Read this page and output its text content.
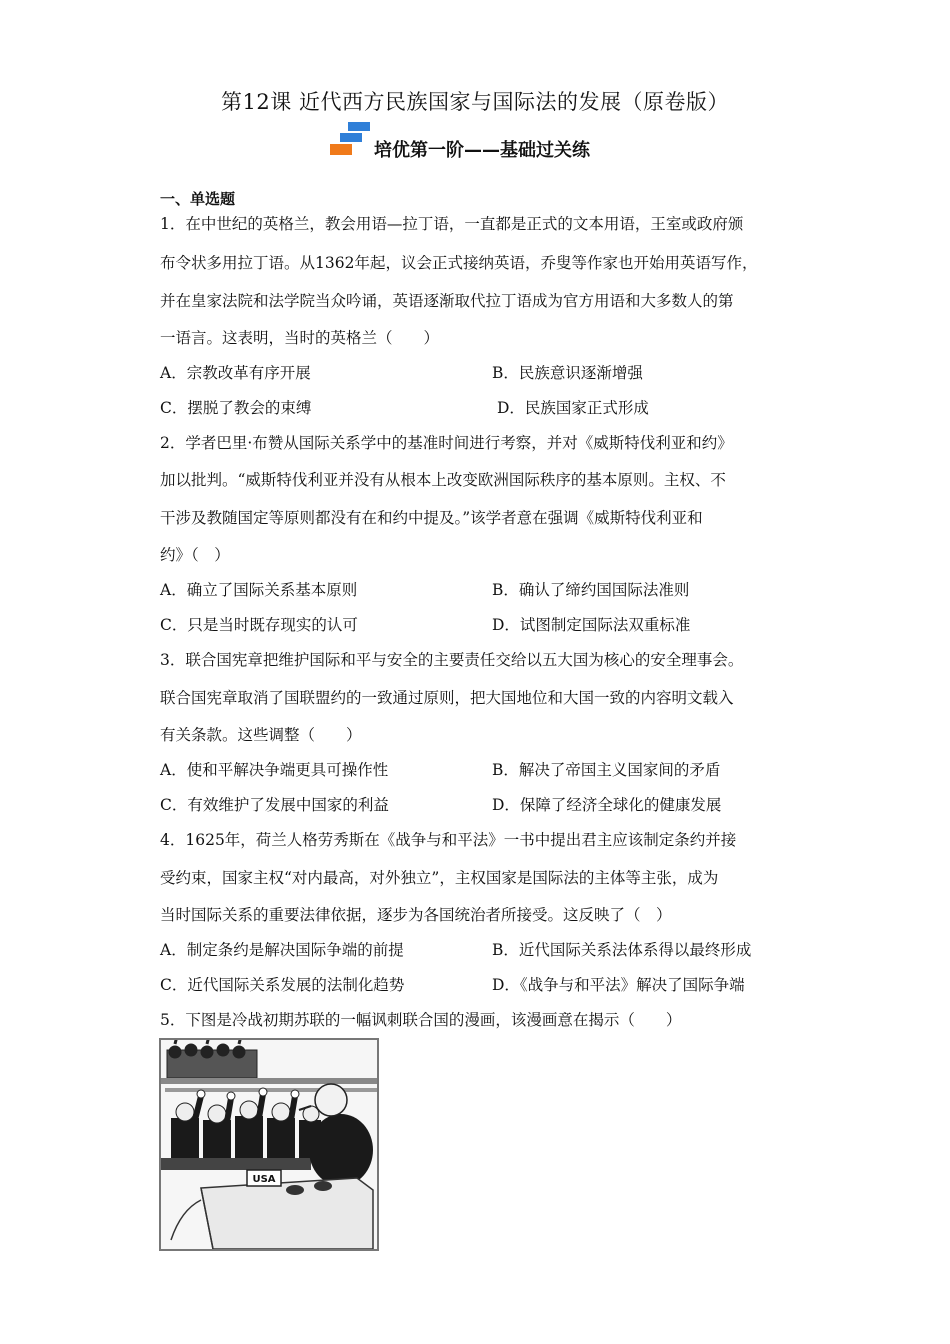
第12课 近代西方民族国家与国际法的发展（原卷版）
培优第一阶——基础过关练
一、单选题
1．在中世纪的英格兰，教会用语—拉丁语，一直都是正式的文本用语，王室或政府颁
布令状多用拉丁语。从1362年起，议会正式接纳英语，乔叟等作家也开始用英语写作，
并在皇家法院和法学院当众吟诵，英语逐渐取代拉丁语成为官方用语和大多数人的第
一语言。这表明，当时的英格兰（　　）
A．宗教改革有序开展	B．民族意识逐渐增强
C．摆脱了教会的束缚	D．民族国家正式形成
2．学者巴里·布赞从国际关系学中的基准时间进行考察，并对《威斯特伐利亚和约》
加以批判。“威斯特伐利亚并没有从根本上改变欧洲国际秩序的基本原则。主权、不
干涉及教随国定等原则都没有在和约中提及。”该学者意在强调《威斯特伐利亚和
约》（　）
A．确立了国际关系基本原则	B．确认了缔约国国际法准则
C．只是当时既存现实的认可	D．试图制定国际法双重标准
3．联合国宪章把维护国际和平与安全的主要责任交给以五大国为核心的安全理事会。
联合国宪章取消了国联盟约的一致通过原则，把大国地位和大国一致的内容明文载入
有关条款。这些调整（　　）
A．使和平解决争端更具可操作性	B．解决了帝国主义国家间的矛盾
C．有效维护了发展中国家的利益	D．保障了经济全球化的健康发展
4．1625年，荷兰人格劳秀斯在《战争与和平法》一书中提出君主应该制定条约并接
受约束，国家主权“对内最高，对外独立”，主权国家是国际法的主体等主张，成为
当时国际关系的重要法律依据，逐步为各国统治者所接受。这反映了（　）
A．制定条约是解决国际争端的前提	B．近代国际关系法体系得以最终形成
C．近代国际关系发展的法制化趋势	D．《战争与和平法》解决了国际争端
5．下图是冷战初期苏联的一幅讽刺联合国的漫画，该漫画意在揭示（　　）
USA
